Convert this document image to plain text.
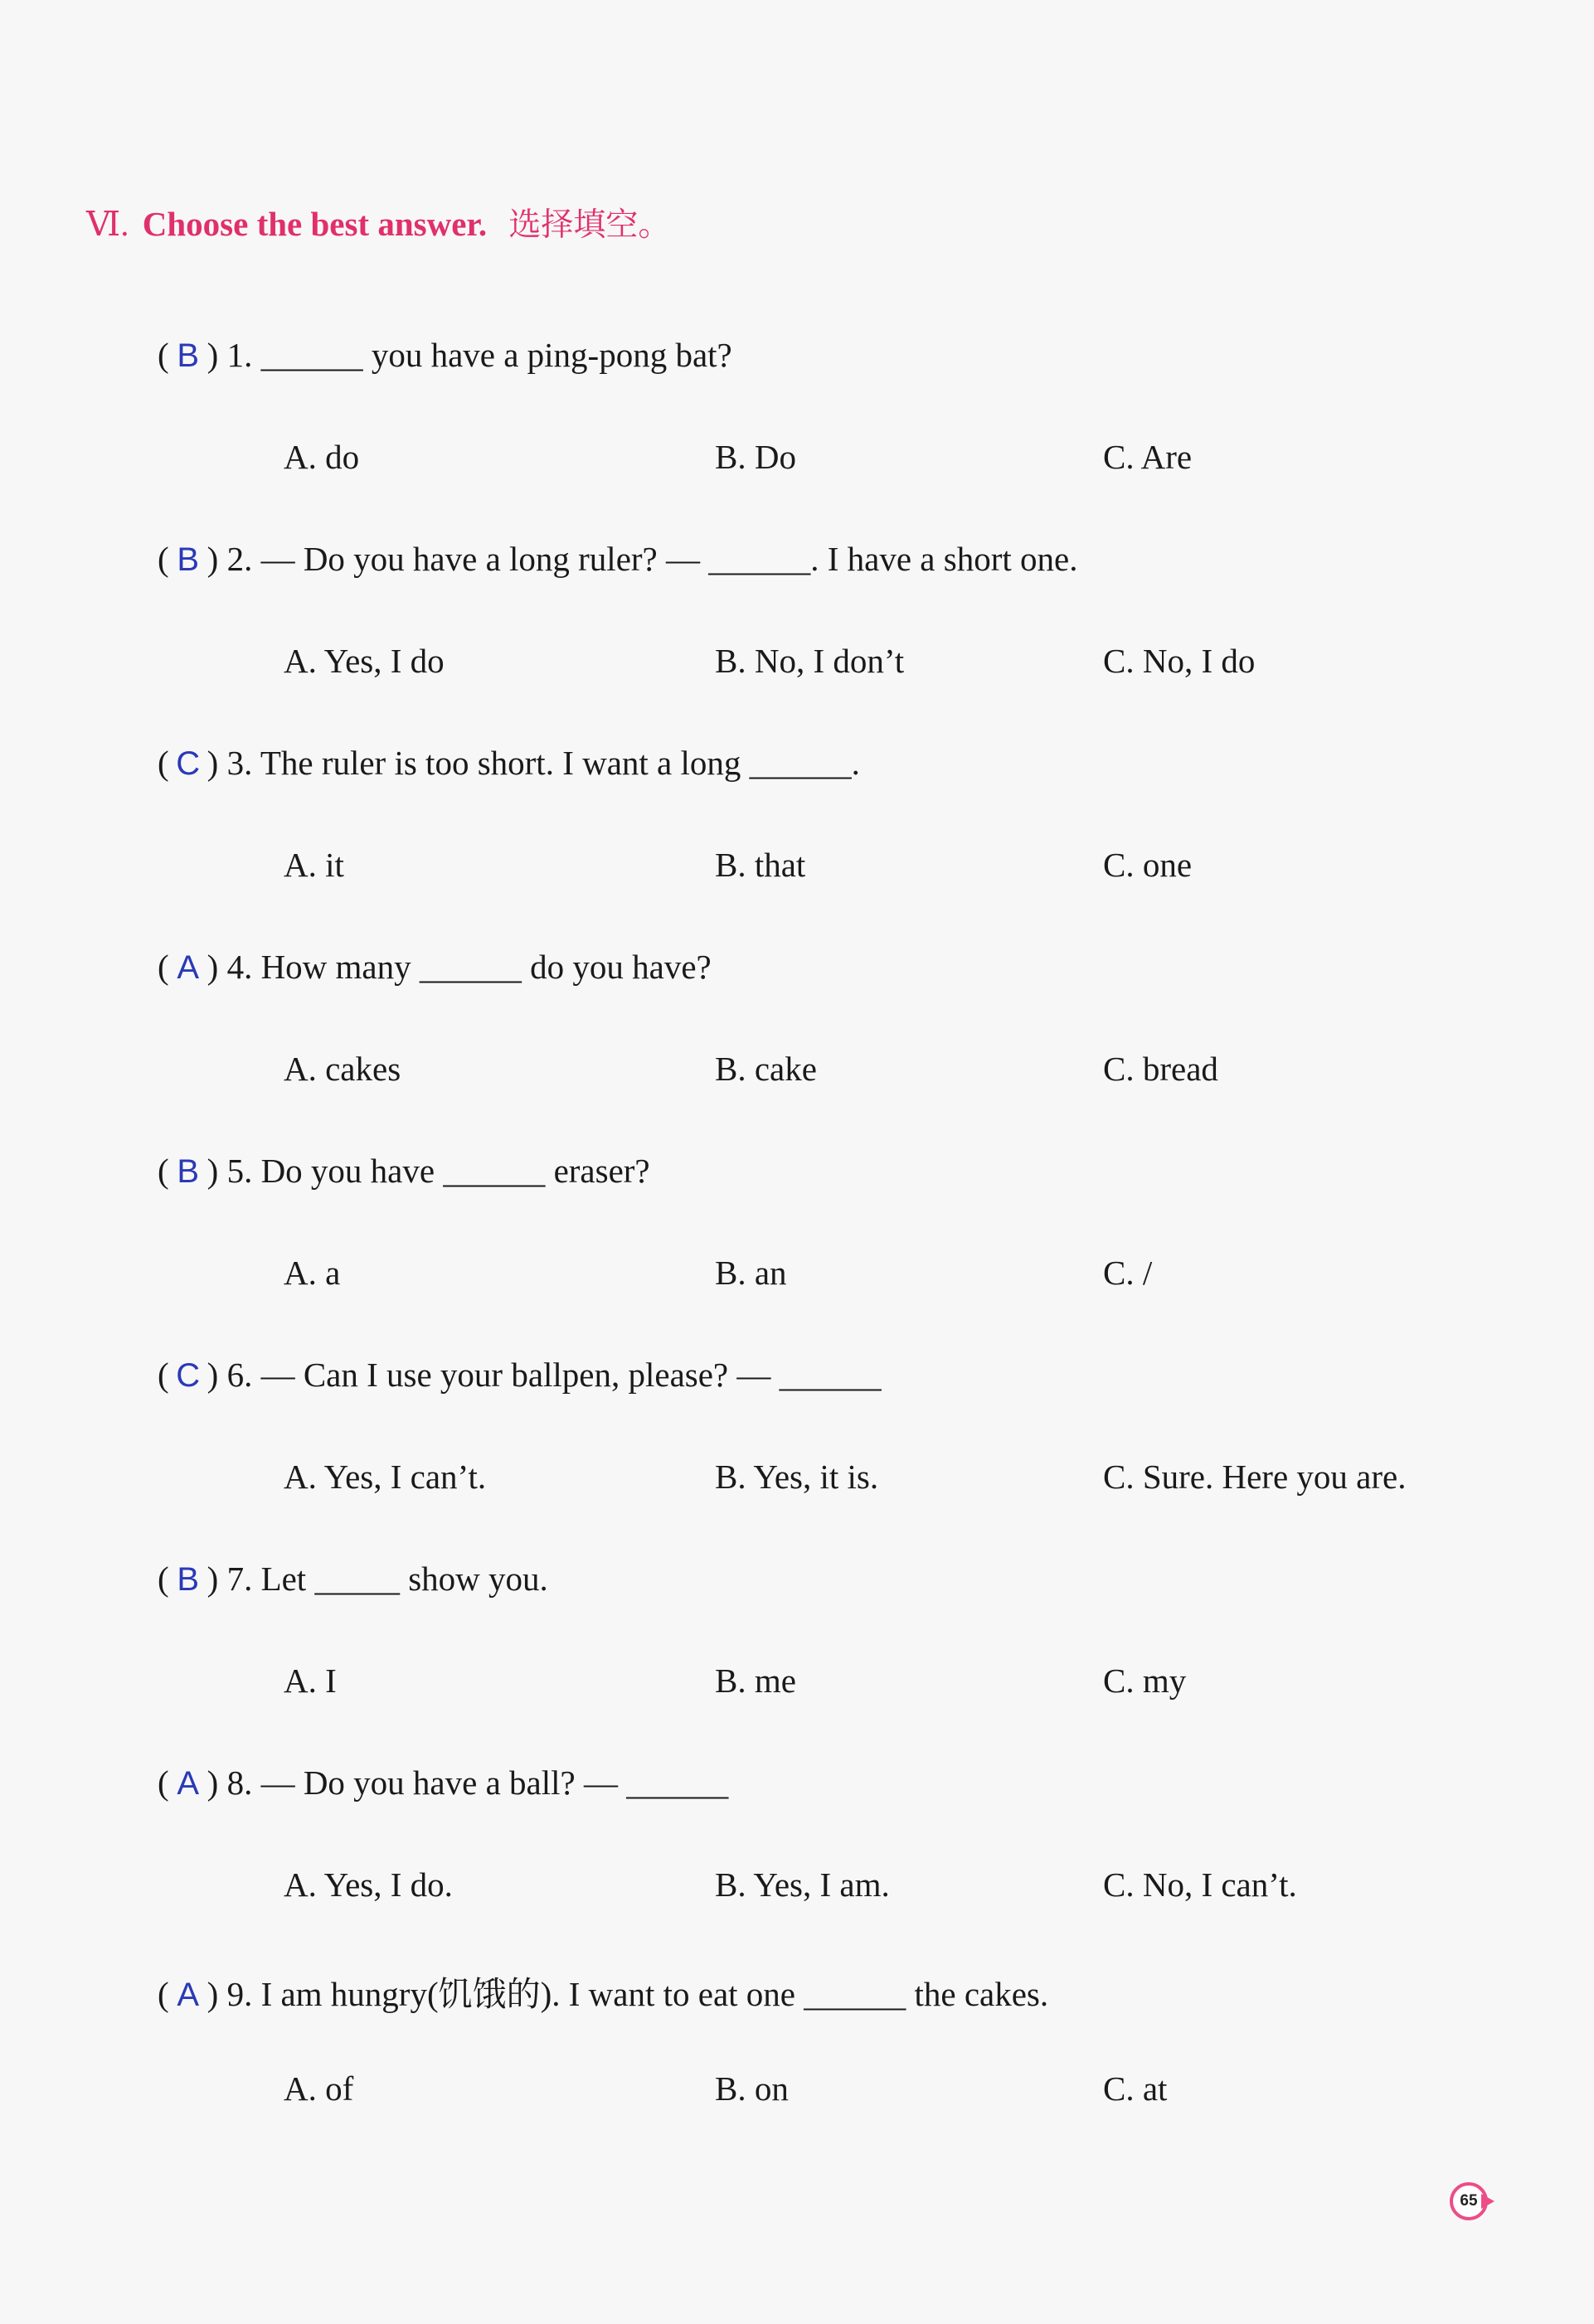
Ⅵ. Choose the best answer. 选择填空。
( B ) 1. ______ you have a ping-pong bat?
A. do	B. Do	C. Are
( B ) 2. — Do you have a long ruler? — ______. I have a short one.
A. Yes, I do	B. No, I don’t	C. No, I do
( C ) 3. The ruler is too short. I want a long ______.
A. it	B. that	C. one
( A ) 4. How many ______ do you have?
A. cakes	B. cake	C. bread
( B ) 5. Do you have ______ eraser?
A. a	B. an	C. /
( C ) 6. — Can I use your ballpen, please? — ______
A. Yes, I can’t.	B. Yes, it is.	C. Sure. Here you are.
( B ) 7. Let _____ show you.
A. I	B. me	C. my
( A ) 8. — Do you have a ball? — ______
A. Yes, I do.	B. Yes, I am.	C. No, I can’t.
( A ) 9. I am hungry(饥饿的). I want to eat one ______ the cakes.
A. of	B. on	C. at
65
